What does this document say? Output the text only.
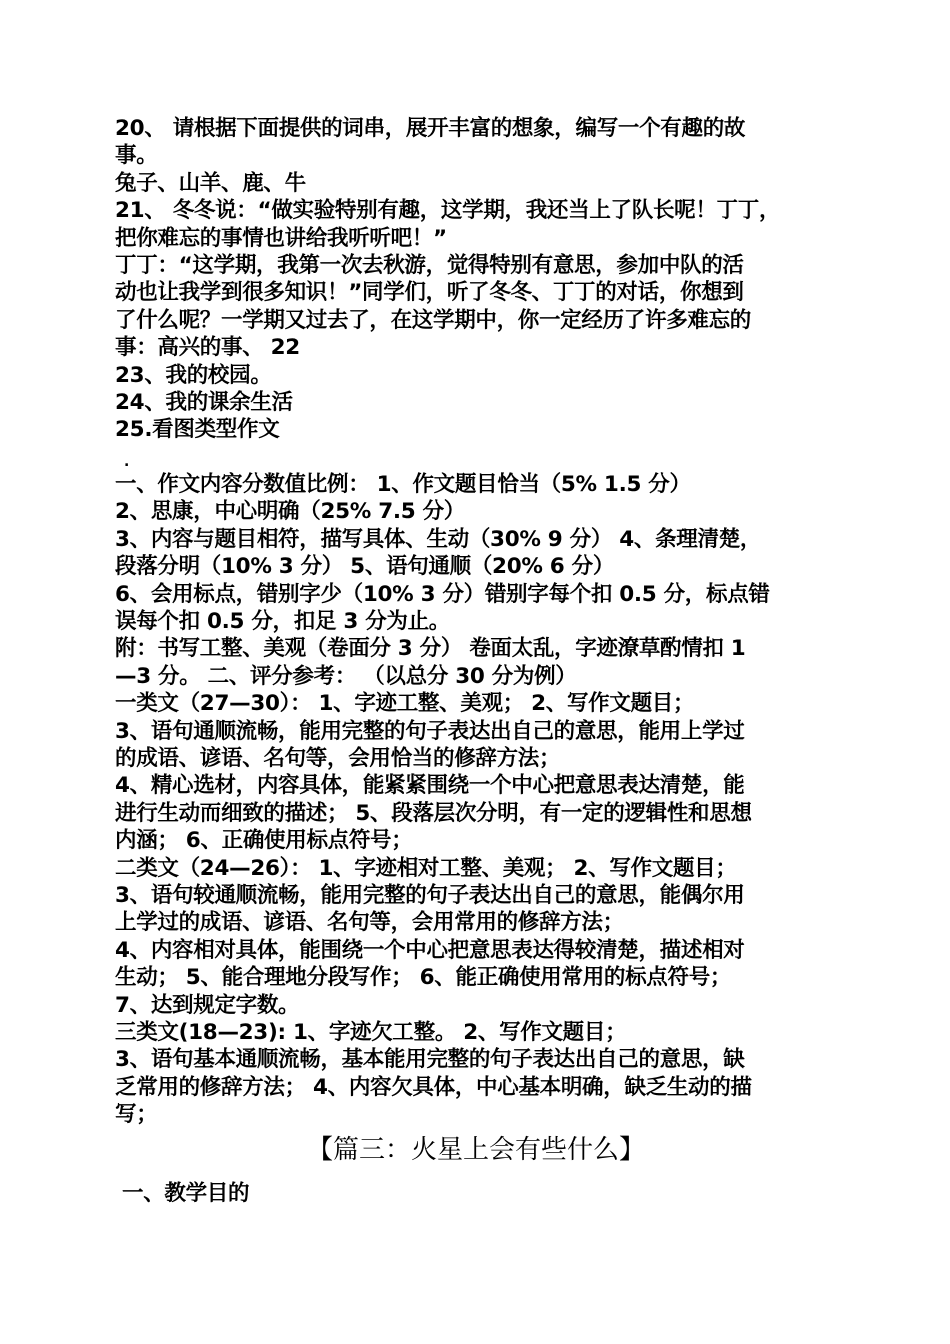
20、 请根据下面提供的词串，展开丰富的想象，编写一个有趣的故
事。
兔子、山羊、鹿、牛
21、 冬冬说：“做实验特别有趣，这学期，我还当上了队长呢！丁丁，
把你难忘的事情也讲给我听听吧！”
丁丁：“这学期，我第一次去秋游，觉得特别有意思，参加中队的活
动也让我学到很多知识！”同学们，听了冬冬、丁丁的对话，你想到
了什么呢？一学期又过去了，在这学期中，你一定经历了许多难忘的
事：高兴的事、 22
23、我的校园。
24、我的课余生活
25.看图类型作文
.
一、作文内容分数值比例： 1、作文题目恰当（5% 1.5 分）
2、思康，中心明确（25% 7.5 分）
3、内容与题目相符，描写具体、生动（30% 9 分） 4、条理清楚，
段落分明（10% 3 分） 5、语句通顺（20% 6 分）
6、会用标点，错别字少（10% 3 分）错别字每个扣 0.5 分，标点错
误每个扣 0.5 分，扣足 3 分为止。
附：书写工整、美观（卷面分 3 分） 卷面太乱，字迹潦草酌情扣 1
—3 分。 二、评分参考： （以总分 30 分为例）
一类文（27—30）： 1、字迹工整、美观； 2、写作文题目；
3、语句通顺流畅，能用完整的句子表达出自己的意思，能用上学过
的成语、谚语、名句等，会用恰当的修辞方法；
4、精心选材，内容具体，能紧紧围绕一个中心把意思表达清楚，能
进行生动而细致的描述； 5、段落层次分明，有一定的逻辑性和思想
内涵； 6、正确使用标点符号；
二类文（24—26）： 1、字迹相对工整、美观； 2、写作文题目；
3、语句较通顺流畅，能用完整的句子表达出自己的意思，能偶尔用
上学过的成语、谚语、名句等，会用常用的修辞方法；
4、内容相对具体，能围绕一个中心把意思表达得较清楚，描述相对
生动； 5、能合理地分段写作； 6、能正确使用常用的标点符号；
7、达到规定字数。
三类文(18—23): 1、字迹欠工整。 2、写作文题目；
3、语句基本通顺流畅，基本能用完整的句子表达出自己的意思，缺
乏常用的修辞方法； 4、内容欠具体，中心基本明确，缺乏生动的描
写；
【篇三：火星上会有些什么】
一、教学目的
